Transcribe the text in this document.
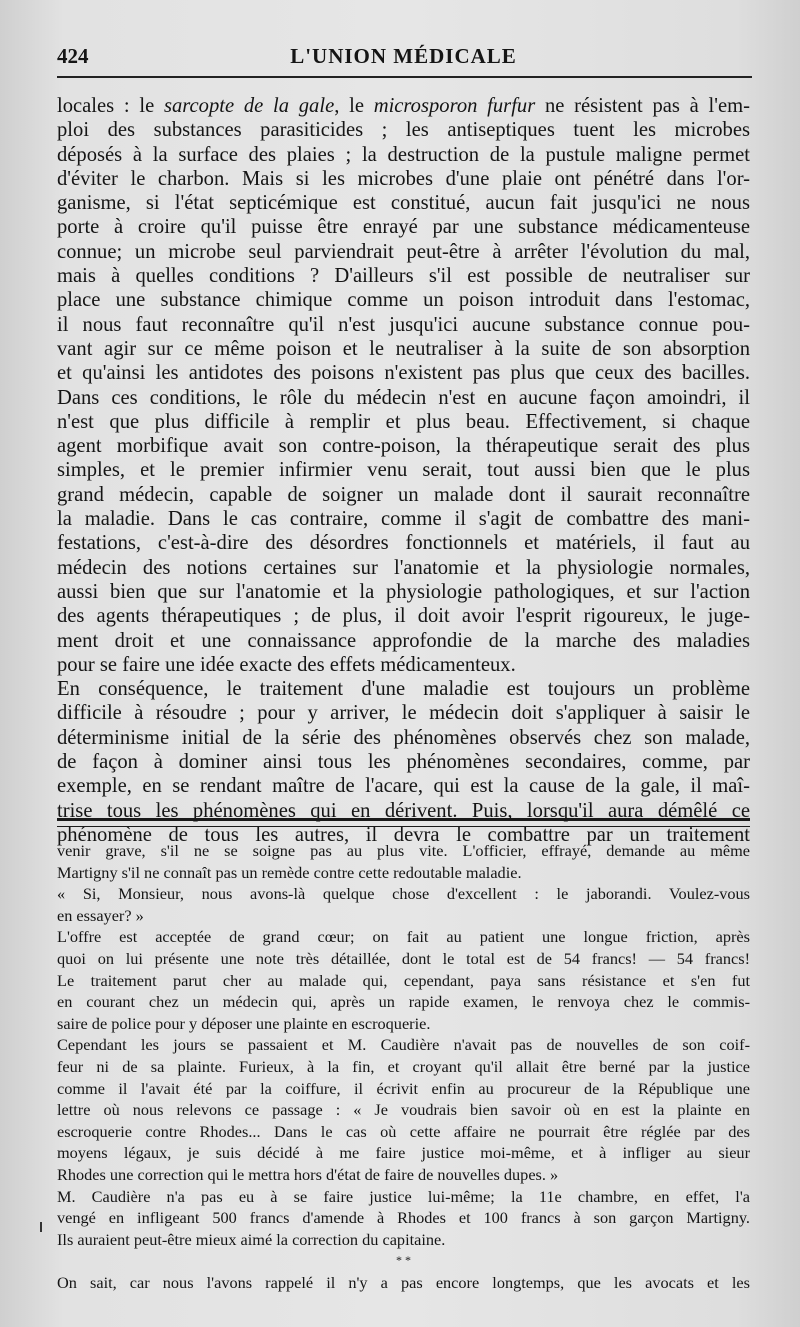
424	L'UNION MÉDICALE
locales : le sarcopte de la gale, le microsporon furfur ne résistent pas à l'em-
ploi des substances parasiticides ; les antiseptiques tuent les microbes
déposés à la surface des plaies ; la destruction de la pustule maligne permet
d'éviter le charbon. Mais si les microbes d'une plaie ont pénétré dans l'or-
ganisme, si l'état septicémique est constitué, aucun fait jusqu'ici ne nous
porte à croire qu'il puisse être enrayé par une substance médicamenteuse
connue; un microbe seul parviendrait peut-être à arrêter l'évolution du mal,
mais à quelles conditions ? D'ailleurs s'il est possible de neutraliser sur
place une substance chimique comme un poison introduit dans l'estomac,
il nous faut reconnaître qu'il n'est jusqu'ici aucune substance connue pou-
vant agir sur ce même poison et le neutraliser à la suite de son absorption
et qu'ainsi les antidotes des poisons n'existent pas plus que ceux des bacilles.
Dans ces conditions, le rôle du médecin n'est en aucune façon amoindri, il
n'est que plus difficile à remplir et plus beau. Effectivement, si chaque
agent morbifique avait son contre-poison, la thérapeutique serait des plus
simples, et le premier infirmier venu serait, tout aussi bien que le plus
grand médecin, capable de soigner un malade dont il saurait reconnaître
la maladie. Dans le cas contraire, comme il s'agit de combattre des mani-
festations, c'est-à-dire des désordres fonctionnels et matériels, il faut au
médecin des notions certaines sur l'anatomie et la physiologie normales,
aussi bien que sur l'anatomie et la physiologie pathologiques, et sur l'action
des agents thérapeutiques ; de plus, il doit avoir l'esprit rigoureux, le juge-
ment droit et une connaissance approfondie de la marche des maladies
pour se faire une idée exacte des effets médicamenteux.
En conséquence, le traitement d'une maladie est toujours un problème
difficile à résoudre ; pour y arriver, le médecin doit s'appliquer à saisir le
déterminisme initial de la série des phénomènes observés chez son malade,
de façon à dominer ainsi tous les phénomènes secondaires, comme, par
exemple, en se rendant maître de l'acare, qui est la cause de la gale, il maî-
trise tous les phénomènes qui en dérivent. Puis, lorsqu'il aura démêlé ce
phénomène de tous les autres, il devra le combattre par un traitement
venir grave, s'il ne se soigne pas au plus vite. L'officier, effrayé, demande au même
Martigny s'il ne connaît pas un remède contre cette redoutable maladie.
« Si, Monsieur, nous avons-là quelque chose d'excellent : le jaborandi. Voulez-vous
en essayer? »
L'offre est acceptée de grand cœur; on fait au patient une longue friction, après
quoi on lui présente une note très détaillée, dont le total est de 54 francs! — 54 francs!
Le traitement parut cher au malade qui, cependant, paya sans résistance et s'en fut
en courant chez un médecin qui, après un rapide examen, le renvoya chez le commis-
saire de police pour y déposer une plainte en escroquerie.
Cependant les jours se passaient et M. Caudière n'avait pas de nouvelles de son coif-
feur ni de sa plainte. Furieux, à la fin, et croyant qu'il allait être berné par la justice
comme il l'avait été par la coiffure, il écrivit enfin au procureur de la République une
lettre où nous relevons ce passage : « Je voudrais bien savoir où en est la plainte en
escroquerie contre Rhodes... Dans le cas où cette affaire ne pourrait être réglée par des
moyens légaux, je suis décidé à me faire justice moi-même, et à infliger au sieur
Rhodes une correction qui le mettra hors d'état de faire de nouvelles dupes. »
M. Caudière n'a pas eu à se faire justice lui-même; la 11e chambre, en effet, l'a
vengé en infligeant 500 francs d'amende à Rhodes et 100 francs à son garçon Martigny.
Ils auraient peut-être mieux aimé la correction du capitaine.
* *
On sait, car nous l'avons rappelé il n'y a pas encore longtemps, que les avocats et les
